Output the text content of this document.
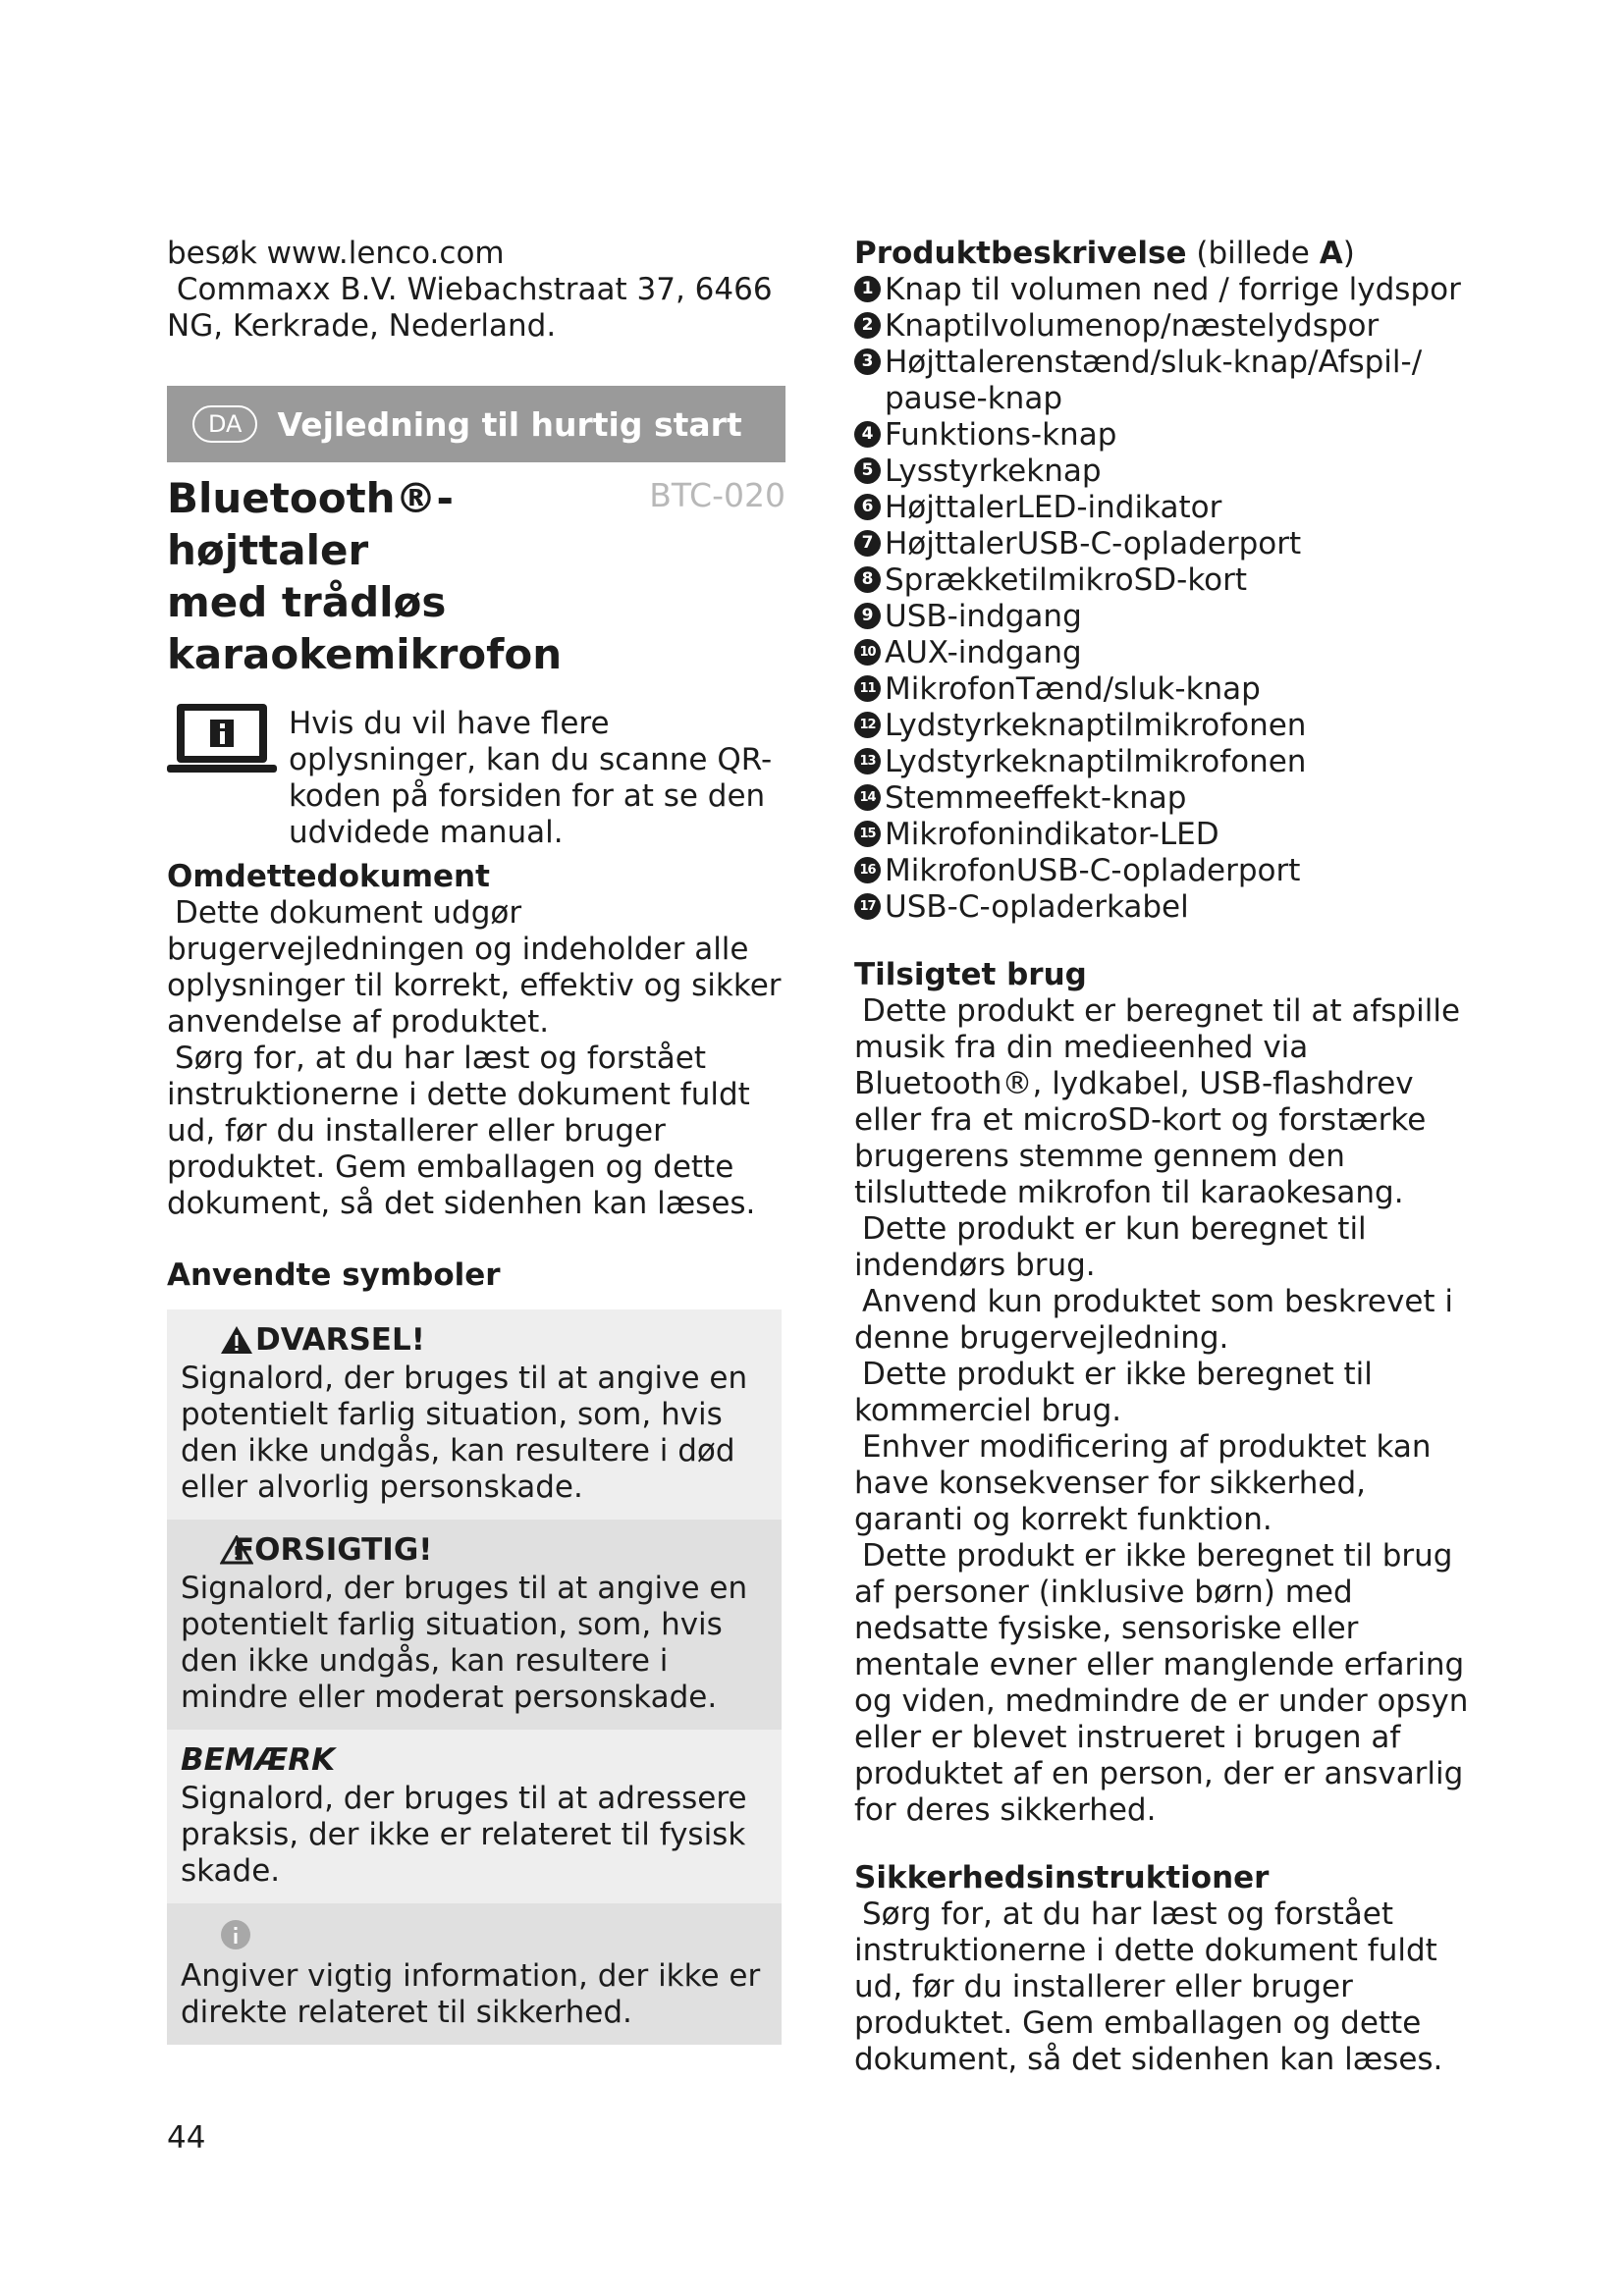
besøk www.lenco.com

Commaxx B.V. Wiebachstraat 37, 6466

NG, Kerkrade, Nederland.

DA	Vejledning til hurtig start
Bluetooth®-højttaler
med trådløs
karaokemikrofon
BTC-020

Hvis du vil have flere oplysninger, kan du scanne QR-koden på forsiden for at se den udvidede manual.

Omdettedokument

Dette dokument udgør brugervejledningen og indeholder alle oplysninger til korrekt, effektiv og sikker anvendelse af produktet.

Sørg for, at du har læst og forstået instruktionerne i dette dokument fuldt ud, før du installerer eller bruger produktet. Gem emballagen og dette dokument, så det sidenhen kan læses.

Anvendte symboler

DVARSEL!

Signalord, der bruges til at angive en potentielt farlig situation, som, hvis den ikke undgås, kan resultere i død eller alvorlig personskade.

FORSIGTIG!

Signalord, der bruges til at angive en potentielt farlig situation, som, hvis den ikke undgås, kan resultere i mindre eller moderat personskade.

BEMÆRK

Signalord, der bruges til at adressere praksis, der ikke er relateret til fysisk skade.

Angiver vigtig information, der ikke er direkte relateret til sikkerhed.

44

Produktbeskrivelse (billede A)

1 Knap til volumen ned / forrige lydspor
2 Knaptilvolumenop/næstelydspor
3 Højttalerenstænd/sluk-knap/Afspil-/ pause-knap
4 Funktions-knap
5 Lysstyrkeknap
6 HøjttalerLED-indikator
7 HøjttalerUSB-C-opladerport
8 SprækketilmikroSD-kort
9 USB-indgang
10 AUX-indgang
11 MikrofonTænd/sluk-knap
12 Lydstyrkeknaptilmikrofonen
13 Lydstyrkeknaptilmikrofonen
14 Stemmeeffekt-knap
15 Mikrofonindikator-LED
16 MikrofonUSB-C-opladerport
17 USB-C-opladerkabel

Tilsigtet brug

Dette produkt er beregnet til at afspille musik fra din medieenhed via Bluetooth®, lydkabel, USB-flashdrev eller fra et microSD-kort og forstærke brugerens stemme gennem den tilsluttede mikrofon til karaokesang.

Dette produkt er kun beregnet til indendørs brug.

Anvend kun produktet som beskrevet i denne brugervejledning.

Dette produkt er ikke beregnet til kommerciel brug.

Enhver modificering af produktet kan have konsekvenser for sikkerhed, garanti og korrekt funktion.

Dette produkt er ikke beregnet til brug af personer (inklusive børn) med nedsatte fysiske, sensoriske eller mentale evner eller manglende erfaring og viden, medmindre de er under opsyn eller er blevet instrueret i brugen af produktet af en person, der er ansvarlig for deres sikkerhed.

Sikkerhedsinstruktioner

Sørg for, at du har læst og forstået instruktionerne i dette dokument fuldt ud, før du installerer eller bruger produktet. Gem emballagen og dette dokument, så det sidenhen kan læses.
